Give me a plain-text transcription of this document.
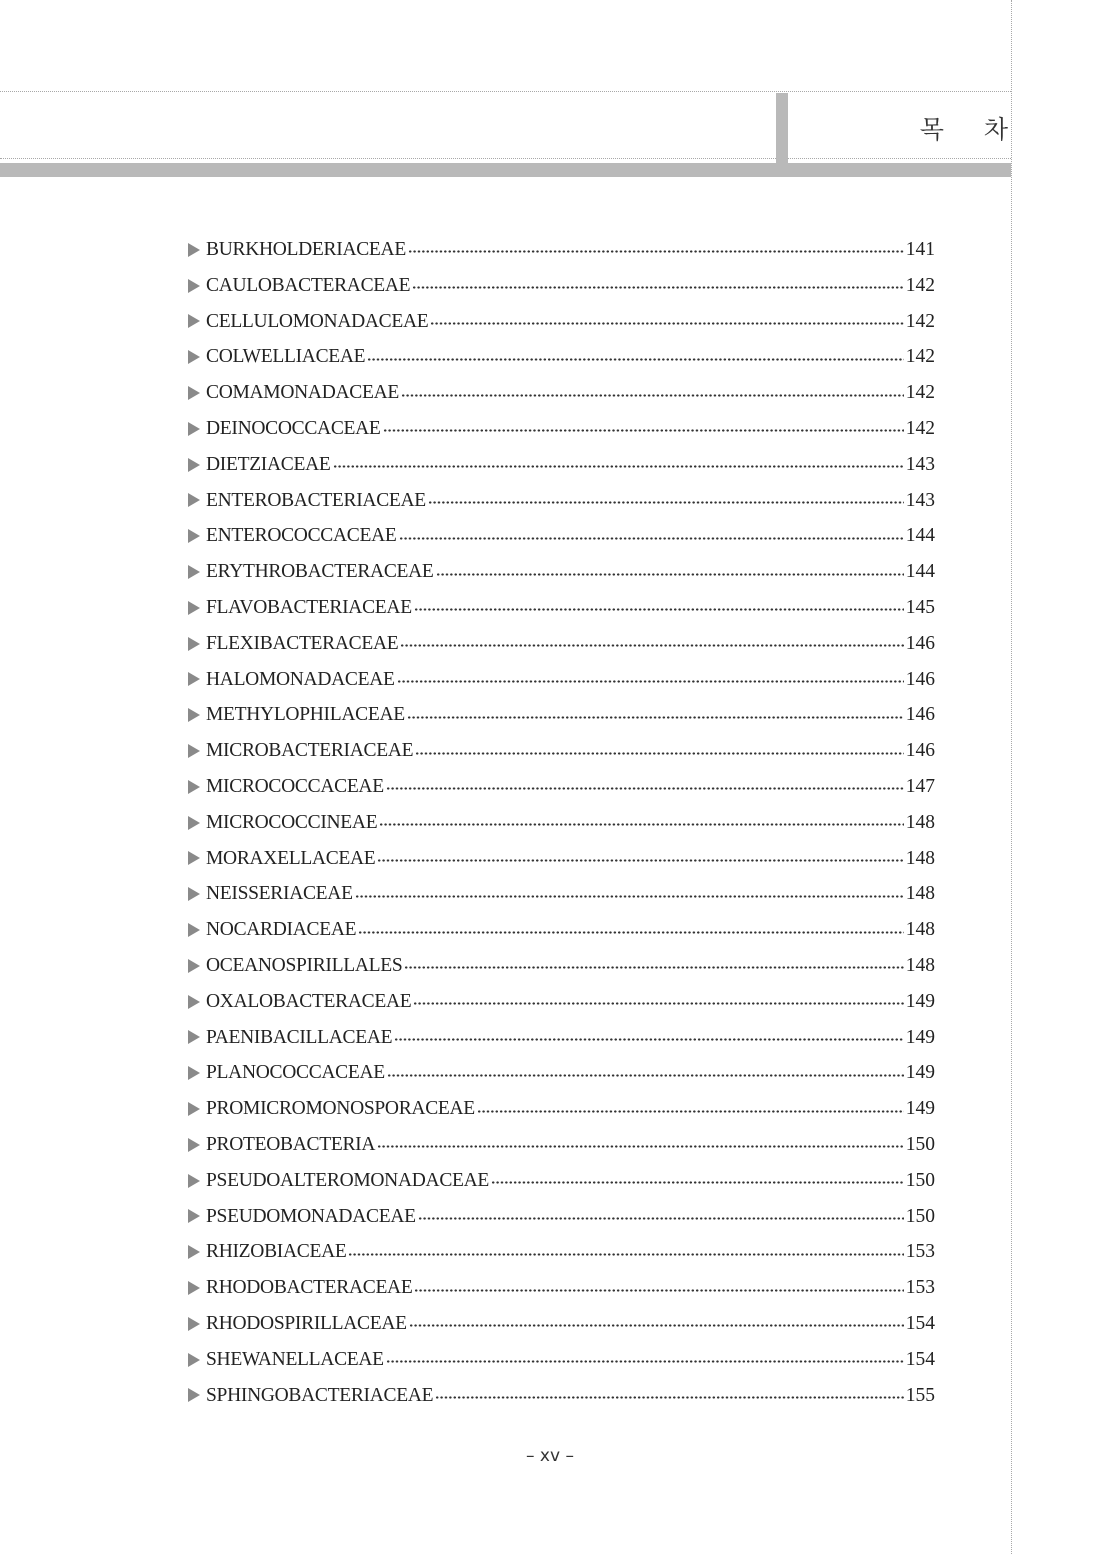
목 차
BURKHOLDERIACEAE	141
CAULOBACTERACEAE	142
CELLULOMONADACEAE	142
COLWELLIACEAE	142
COMAMONADACEAE	142
DEINOCOCCACEAE	142
DIETZIACEAE	143
ENTEROBACTERIACEAE	143
ENTEROCOCCACEAE	144
ERYTHROBACTERACEAE	144
FLAVOBACTERIACEAE	145
FLEXIBACTERACEAE	146
HALOMONADACEAE	146
METHYLOPHILACEAE	146
MICROBACTERIACEAE	146
MICROCOCCACEAE	147
MICROCOCCINEAE	148
MORAXELLACEAE	148
NEISSERIACEAE	148
NOCARDIACEAE	148
OCEANOSPIRILLALES	148
OXALOBACTERACEAE	149
PAENIBACILLACEAE	149
PLANOCOCCACEAE	149
PROMICROMONOSPORACEAE	149
PROTEOBACTERIA	150
PSEUDOALTEROMONADACEAE	150
PSEUDOMONADACEAE	150
RHIZOBIACEAE	153
RHODOBACTERACEAE	153
RHODOSPIRILLACEAE	154
SHEWANELLACEAE	154
SPHINGOBACTERIACEAE	155
– xv –
